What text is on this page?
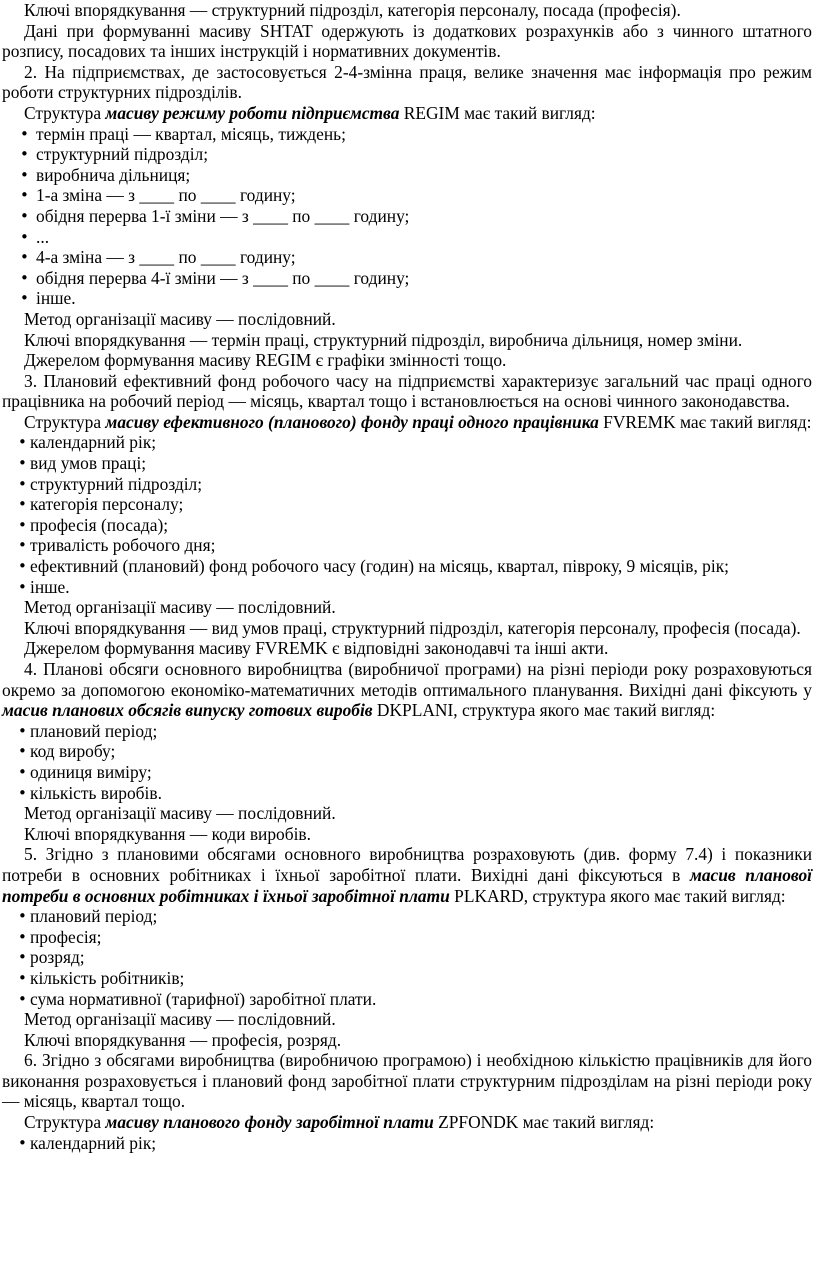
Ключі впорядкування — структурний підрозділ, категорія персоналу, посада (професія).

Дані при формуванні масиву SHTAT одержують із додаткових розрахунків або з чинного штатного розпису, посадових та інших інструкцій і нормативних документів.

2. На підприємствах, де застосовується 2-4-змінна праця, велике значення має інформація про режим роботи структурних підрозділів.

Структура масиву режиму роботи підприємства REGIM має такий вигляд:

• термін праці — квартал, місяць, тиждень;
• структурний підрозділ;
• виробнича дільниця;
• 1-а зміна — з ____ по ____ годину;
• обідня перерва 1-ї зміни — з ____ по ____ годину;
• ...
• 4-а зміна — з ____ по ____ годину;
• обідня перерва 4-ї зміни — з ____ по ____ годину;
• інше.

Метод організації масиву — послідовний.

Ключі впорядкування — термін праці, структурний підрозділ, виробнича дільниця, номер зміни.

Джерелом формування масиву REGIM є графіки змінності тощо.

3. Плановий ефективний фонд робочого часу на підприємстві характеризує загальний час праці одного працівника на робочий період — місяць, квартал тощо і встановлюється на основі чинного законодавства.

Структура масиву ефективного (планового) фонду праці одного працівника FVREMK має такий вигляд:

• календарний рік;
• вид умов праці;
• структурний підрозділ;
• категорія персоналу;
• професія (посада);
• тривалість робочого дня;
• ефективний (плановий) фонд робочого часу (годин) на місяць, квартал, півроку, 9 місяців, рік;
• інше.

Метод організації масиву — послідовний.

Ключі впорядкування — вид умов праці, структурний підрозділ, категорія персоналу, професія (посада).

Джерелом формування масиву FVREMK є відповідні законодавчі та інші акти.

4. Планові обсяги основного виробництва (виробничої програми) на різні періоди року розраховуються окремо за допомогою економіко-математичних методів оптимального планування. Вихідні дані фіксують у масив планових обсягів випуску готових виробів DKPLANI, структура якого має такий вигляд:

• плановий період;
• код виробу;
• одиниця виміру;
• кількість виробів.

Метод організації масиву — послідовний.

Ключі впорядкування — коди виробів.

5. Згідно з плановими обсягами основного виробництва розраховують (див. форму 7.4) і показники потреби в основних робітниках і їхньої заробітної плати. Вихідні дані фіксуються в масив планової потреби в основних робітниках і їхньої заробітної плати PLKARD, структура якого має такий вигляд:

• плановий період;
• професія;
• розряд;
• кількість робітників;
• сума нормативної (тарифної) заробітної плати.

Метод організації масиву — послідовний.

Ключі впорядкування — професія, розряд.

6. Згідно з обсягами виробництва (виробничою програмою) і необхідною кількістю працівників для його виконання розраховується і плановий фонд заробітної плати структурним підрозділам на різні періоди року — місяць, квартал тощо.

Структура масиву планового фонду заробітної плати ZPFONDK має такий вигляд:

• календарний рік;
